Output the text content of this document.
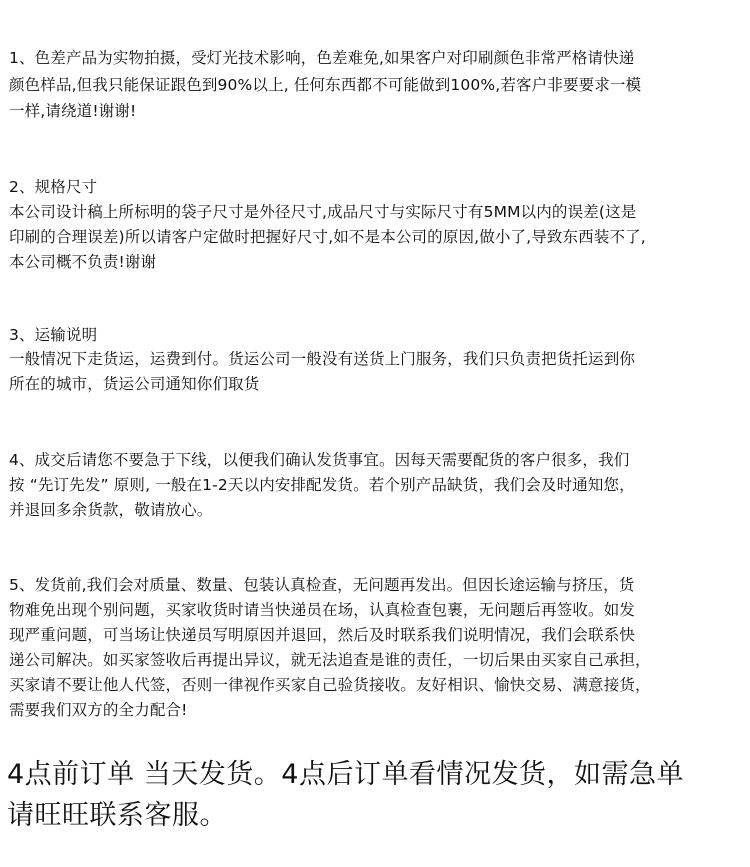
1、色差产品为实物拍摄，受灯光技术影响，色差难免,如果客户对印刷颜色非常严格请快递
颜色样品,但我只能保证跟色到90%以上, 任何东西都不可能做到100%,若客户非要要求一模
一样,请绕道!谢谢!
2、规格尺寸
本公司设计稿上所标明的袋子尺寸是外径尺寸,成品尺寸与实际尺寸有5MM以内的误差(这是
印刷的合理误差)所以请客户定做时把握好尺寸,如不是本公司的原因,做小了,导致东西装不了,
本公司概不负责!谢谢
3、运输说明
一般情况下走货运，运费到付。货运公司一般没有送货上门服务，我们只负责把货托运到你
所在的城市，货运公司通知你们取货
4、成交后请您不要急于下线，以便我们确认发货事宜。因每天需要配货的客户很多，我们
按 “先订先发” 原则, 一般在1-2天以内安排配发货。若个别产品缺货，我们会及时通知您，
并退回多余货款，敬请放心。
5、发货前,我们会对质量、数量、包装认真检查，无问题再发出。但因长途运输与挤压，货
物难免出现个别问题，买家收货时请当快递员在场，认真检查包裹，无问题后再签收。如发
现严重问题，可当场让快递员写明原因并退回，然后及时联系我们说明情况，我们会联系快
递公司解决。如买家签收后再提出异议，就无法追查是谁的责任，一切后果由买家自己承担，
买家请不要让他人代签，否则一律视作买家自己验货接收。友好相识、愉快交易、满意接货，
需要我们双方的全力配合!
4点前订单 当天发货。4点后订单看情况发货，如需急单
请旺旺联系客服。
